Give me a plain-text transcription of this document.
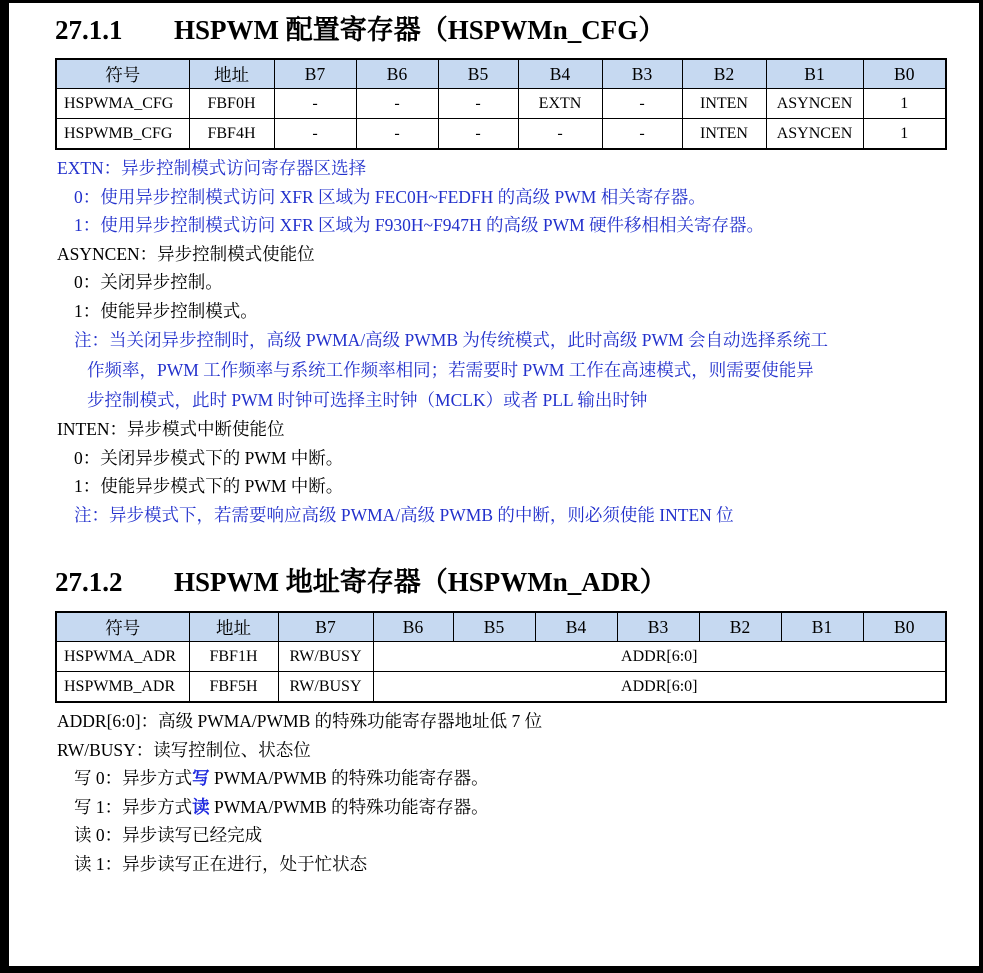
27.1.1	HSPWM 配置寄存器（HSPWMn_CFG）
符号	地址	B7	B6	B5	B4	B3	B2	B1	B0
HSPWMA_CFG	FBF0H	-	-	-	EXTN	-	INTEN	ASYNCEN	1
HSPWMB_CFG	FBF4H	-	-	-	-	-	INTEN	ASYNCEN	1
EXTN：异步控制模式访问寄存器区选择
0：使用异步控制模式访问 XFR 区域为 FEC0H~FEDFH 的高级 PWM 相关寄存器。
1：使用异步控制模式访问 XFR 区域为 F930H~F947H 的高级 PWM 硬件移相相关寄存器。
ASYNCEN：异步控制模式使能位
0：关闭异步控制。
1：使能异步控制模式。
注：当关闭异步控制时，高级 PWMA/高级 PWMB 为传统模式，此时高级 PWM 会自动选择系统工
作频率，PWM 工作频率与系统工作频率相同；若需要时 PWM 工作在高速模式，则需要使能异
步控制模式，此时 PWM 时钟可选择主时钟（MCLK）或者 PLL 输出时钟
INTEN：异步模式中断使能位
0：关闭异步模式下的 PWM 中断。
1：使能异步模式下的 PWM 中断。
注：异步模式下，若需要响应高级 PWMA/高级 PWMB 的中断，则必须使能 INTEN 位
27.1.2	HSPWM 地址寄存器（HSPWMn_ADR）
符号	地址	B7	B6	B5	B4	B3	B2	B1	B0
HSPWMA_ADR	FBF1H	RW/BUSY	ADDR[6:0]						
HSPWMB_ADR	FBF5H	RW/BUSY	ADDR[6:0]						
ADDR[6:0]：高级 PWMA/PWMB 的特殊功能寄存器地址低 7 位
RW/BUSY：读写控制位、状态位
写 0：异步方式写 PWMA/PWMB 的特殊功能寄存器。
写 1：异步方式读 PWMA/PWMB 的特殊功能寄存器。
读 0：异步读写已经完成
读 1：异步读写正在进行，处于忙状态
